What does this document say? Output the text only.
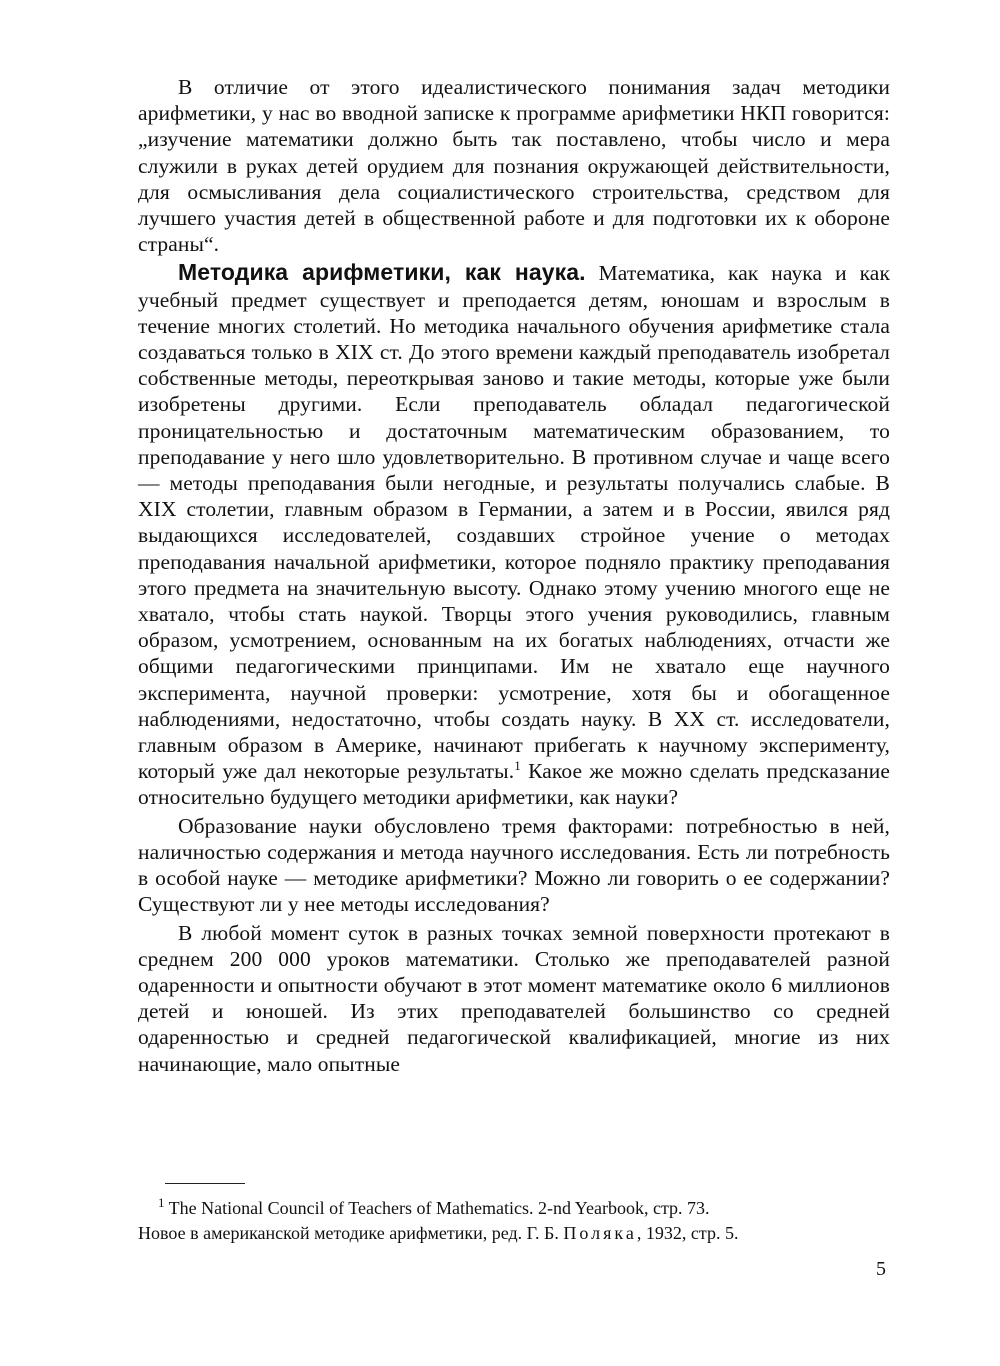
В отличие от этого идеалистического понимания задач методики арифметики, у нас во вводной записке к программе арифметики НКП говорится: „изучение математики должно быть так поставлено, чтобы число и мера служили в руках детей орудием для познания окружающей действительности, для осмысливания дела социалистического строительства, средством для лучшего участия детей в общественной работе и для подготовки их к обороне страны“.

Методика арифметики, как наука. Математика, как наука и как учебный предмет существует и преподается детям, юношам и взрослым в течение многих столетий. Но методика начального обучения арифметике стала создаваться только в XIX ст. До этого времени каждый преподаватель изобретал собственные методы, переоткрывая заново и такие методы, которые уже были изобретены другими. Если преподаватель обладал педагогической проницательностью и достаточным математическим образованием, то преподавание у него шло удовлетворительно. В противном случае и чаще всего — методы преподавания были негодные, и результаты получались слабые. В XIX столетии, главным образом в Германии, а затем и в России, явился ряд выдающихся исследователей, создавших стройное учение о методах преподавания начальной арифметики, которое подняло практику преподавания этого предмета на значительную высоту. Однако этому учению многого еще не хватало, чтобы стать наукой. Творцы этого учения руководились, главным образом, усмотрением, основанным на их богатых наблюдениях, отчасти же общими педагогическими принципами. Им не хватало еще научного эксперимента, научной проверки: усмотрение, хотя бы и обогащенное наблюдениями, недостаточно, чтобы создать науку. В XX ст. исследователи, главным образом в Америке, начинают прибегать к научному эксперименту, который уже дал некоторые результаты.$^1$ Какое же можно сделать предсказание относительно будущего методики арифметики, как науки?

Образование науки обусловлено тремя факторами: потребностью в ней, наличностью содержания и метода научного исследования. Есть ли потребность в особой науке — методике арифметики? Можно ли говорить о ее содержании? Существуют ли у нее методы исследования?

В любой момент суток в разных точках земной поверхности протекают в среднем 200 000 уроков математики. Столько же преподавателей разной одаренности и опытности обучают в этот момент математике около 6 миллионов детей и юношей. Из этих преподавателей большинство со средней одаренностью и средней педагогической квалификацией, многие из них начинающие, мало опытные

$^1$ The National Council of Teachers of Mathematics. 2-nd Yearbook, стр. 73.
Новое в американской методике арифметики, ред. Г. Б. Поляка, 1932, стр. 5.
5
